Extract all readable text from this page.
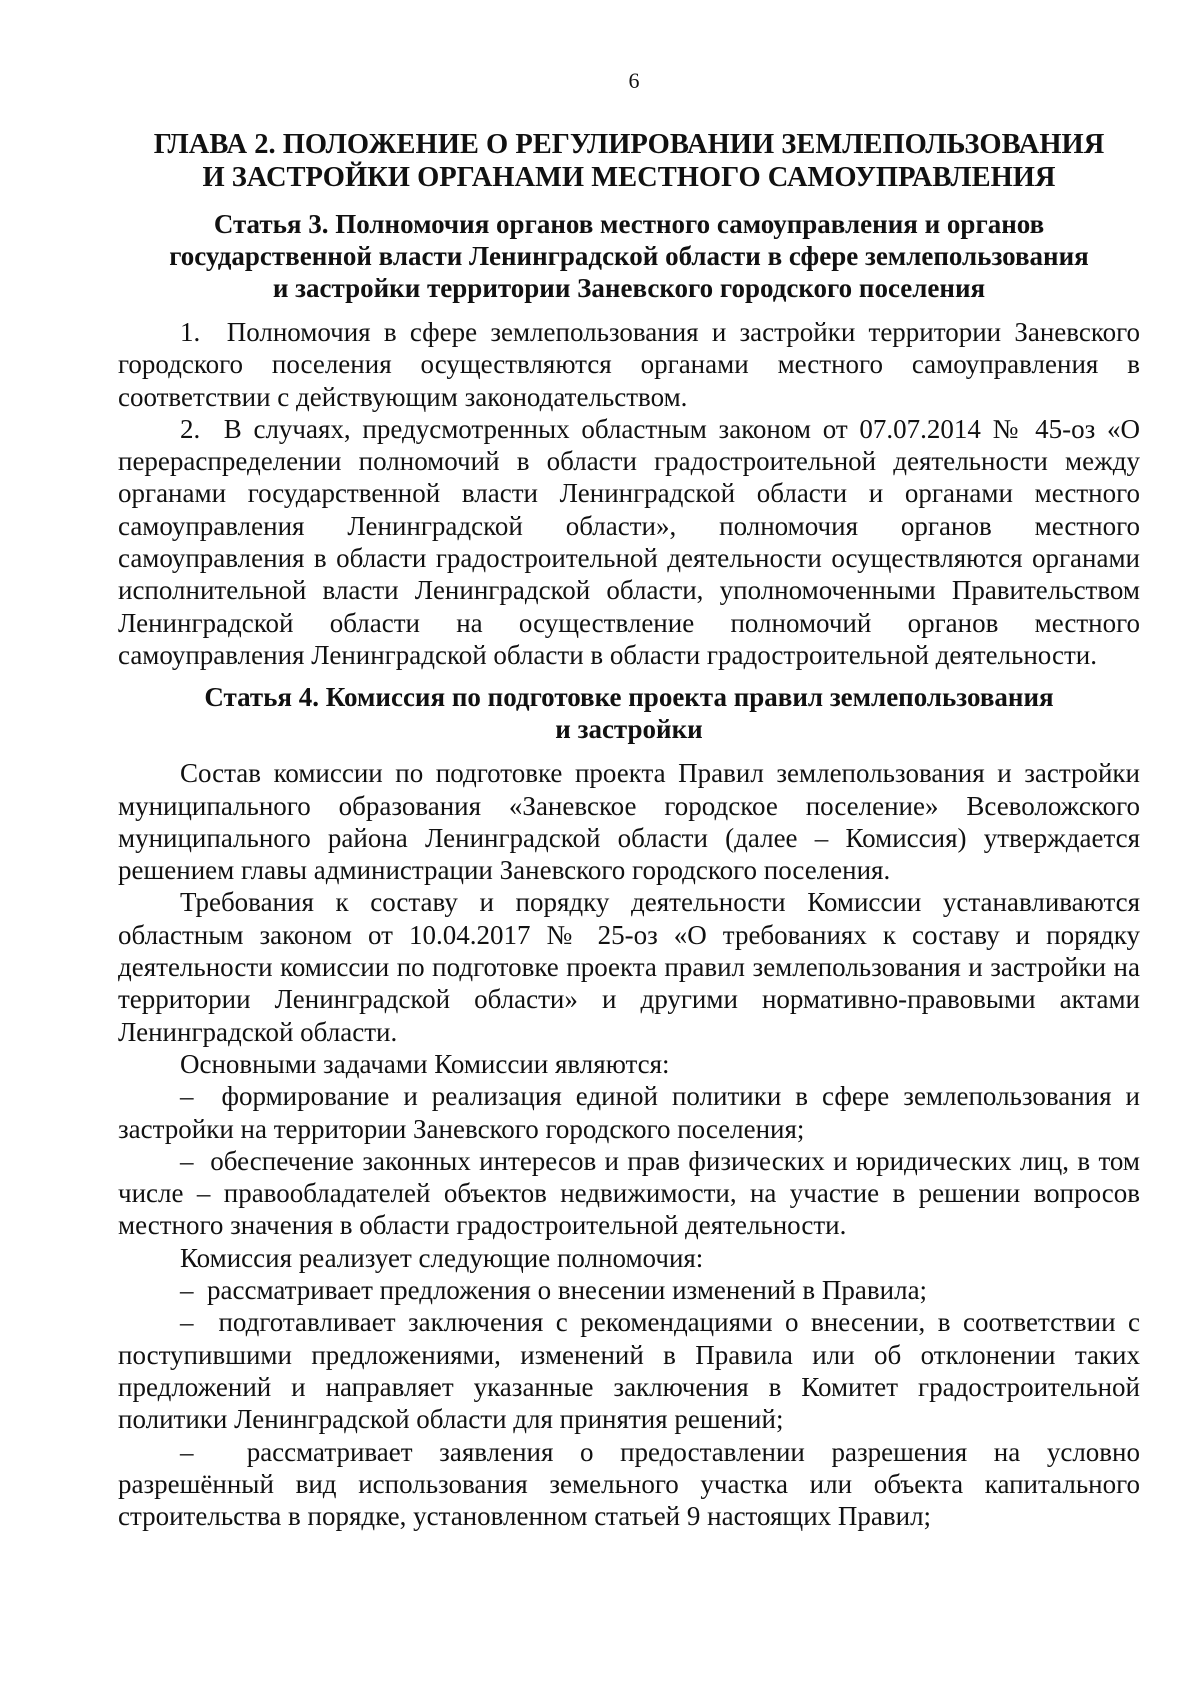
6
ГЛАВА 2. ПОЛОЖЕНИЕ О РЕГУЛИРОВАНИИ ЗЕМЛЕПОЛЬЗОВАНИЯ
И ЗАСТРОЙКИ ОРГАНАМИ МЕСТНОГО САМОУПРАВЛЕНИЯ
Статья 3. Полномочия органов местного самоуправления и органов
государственной власти Ленинградской области в сфере землепользования
и застройки территории Заневского городского поселения

1.  Полномочия в сфере землепользования и застройки территории Заневского городского поселения осуществляются органами местного самоуправления в соответствии с действующим законодательством.

2.  В случаях, предусмотренных областным законом от 07.07.2014 № 45-оз «О перераспределении полномочий в области градостроительной деятельности между органами государственной власти Ленинградской области и органами местного самоуправления Ленинградской области», полномочия органов местного самоуправления в области градостроительной деятельности осуществляются органами исполнительной власти Ленинградской области, уполномоченными Правительством Ленинградской области на осуществление полномочий органов местного самоуправления Ленинградской области в области градостроительной деятельности.

Статья 4. Комиссия по подготовке проекта правил землепользования
и застройки

Состав комиссии по подготовке проекта Правил землепользования и застройки муниципального образования «Заневское городское поселение» Всеволожского муниципального района Ленинградской области (далее – Комиссия) утверждается решением главы администрации Заневского городского поселения.

Требования к составу и порядку деятельности Комиссии устанавливаются областным законом от 10.04.2017 № 25-оз «О требованиях к составу и порядку деятельности комиссии по подготовке проекта правил землепользования и застройки на территории Ленинградской области» и другими нормативно-правовыми актами Ленинградской области.

Основными задачами Комиссии являются:

–  формирование и реализация единой политики в сфере землепользования и застройки на территории Заневского городского поселения;

–  обеспечение законных интересов и прав физических и юридических лиц, в том числе – правообладателей объектов недвижимости, на участие в решении вопросов местного значения в области градостроительной деятельности.

Комиссия реализует следующие полномочия:

–  рассматривает предложения о внесении изменений в Правила;

–  подготавливает заключения с рекомендациями о внесении, в соответствии с поступившими предложениями, изменений в Правила или об отклонении таких предложений и направляет указанные заключения в Комитет градостроительной политики Ленинградской области для принятия решений;

–  рассматривает заявления о предоставлении разрешения на условно разрешённый вид использования земельного участка или объекта капитального строительства в порядке, установленном статьей 9 настоящих Правил;
